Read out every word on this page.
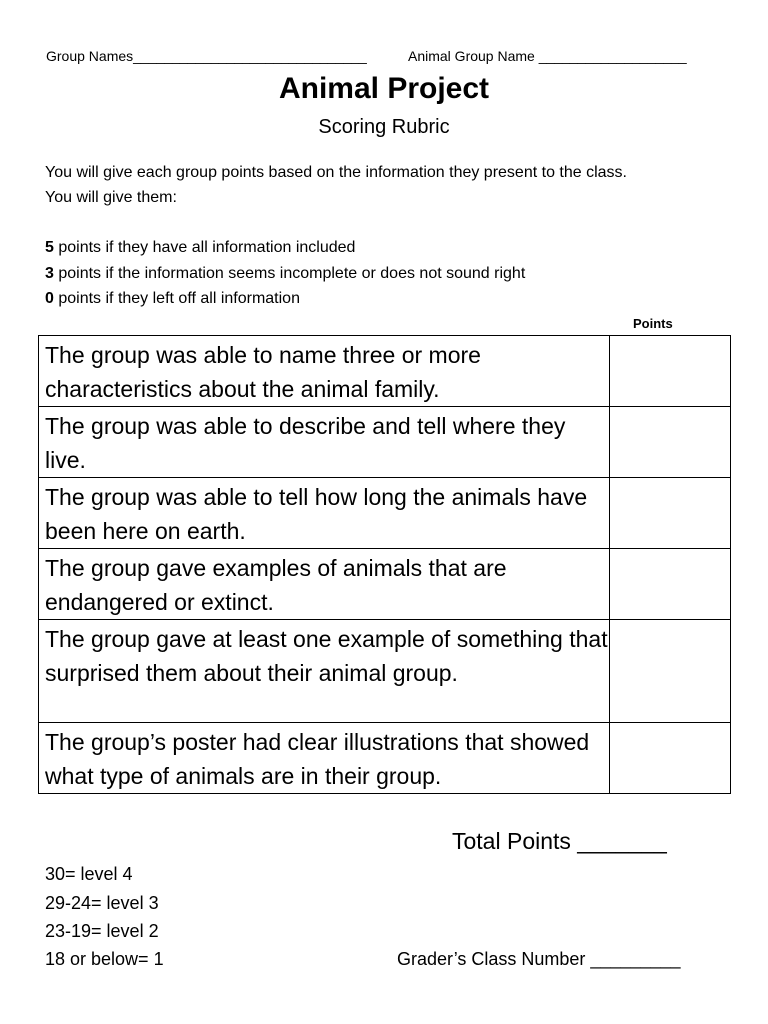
Group Names______________________________	Animal Group Name ___________________
Animal Project
Scoring Rubric
You will give each group points based on the information they present to the class.
You will give them:
5 points if they have all information included
3 points if the information seems incomplete or does not sound right
0 points if they left off all information
Points
The group was able to name three or more characteristics about the animal family.	
The group was able to describe and tell where they live.	
The group was able to tell how long the animals have been here on earth.	
The group gave examples of animals that are endangered or extinct.	
The group gave at least one example of something that surprised them about their animal group.	
The group’s poster had clear illustrations that showed what type of animals are in their group.	
Total Points _______
30= level 4
29-24= level 3
23-19= level 2
18 or below= 1	Grader’s Class Number _________
